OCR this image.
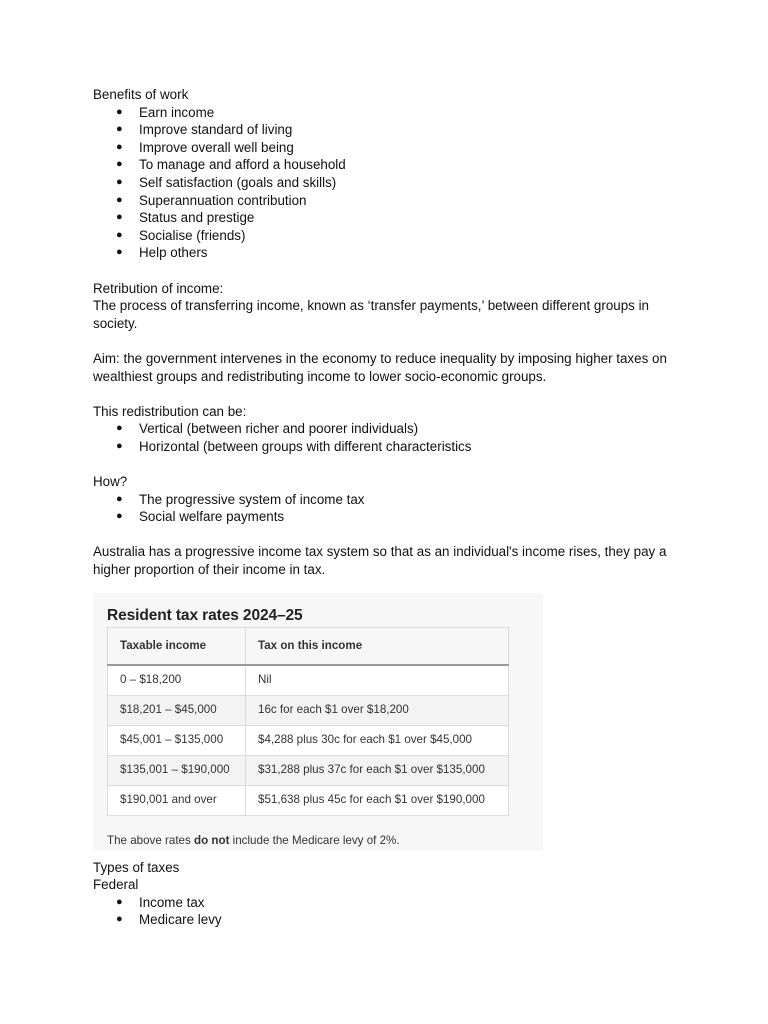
Benefits of work

● Earn income
● Improve standard of living
● Improve overall well being
● To manage and afford a household
● Self satisfaction (goals and skills)
● Superannuation contribution
● Status and prestige
● Socialise (friends)
● Help others

Retribution of income:

The process of transferring income, known as ‘transfer payments,’ between different groups in society.

Aim: the government intervenes in the economy to reduce inequality by imposing higher taxes on wealthiest groups and redistributing income to lower socio-economic groups.

This redistribution can be:

● Vertical (between richer and poorer individuals)
● Horizontal (between groups with different characteristics

How?

● The progressive system of income tax
● Social welfare payments

Australia has a progressive income tax system so that as an individual's income rises, they pay a higher proportion of their income in tax.

Resident tax rates 2024–25
Taxable income	Tax on this income
0 – $18,200	Nil
$18,201 – $45,000	16c for each $1 over $18,200
$45,001 – $135,000	$4,288 plus 30c for each $1 over $45,000
$135,001 – $190,000	$31,288 plus 37c for each $1 over $135,000
$190,001 and over	$51,638 plus 45c for each $1 over $190,000
The above rates do not include the Medicare levy of 2%.

Types of taxes

Federal

● Income tax
● Medicare levy
